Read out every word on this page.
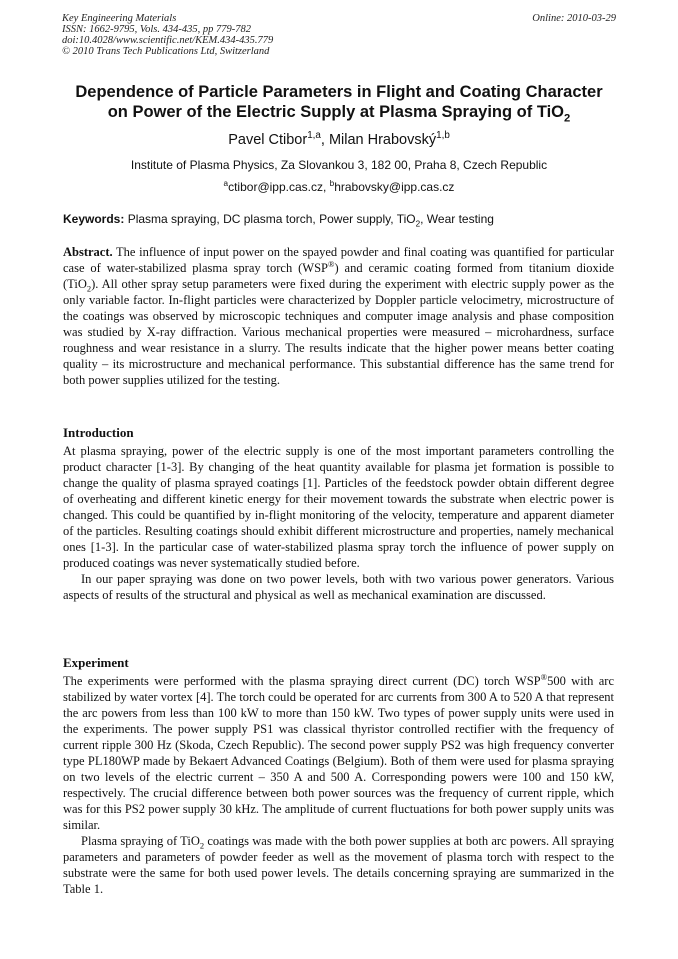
Key Engineering Materials
ISSN: 1662-9795, Vols. 434-435, pp 779-782
doi:10.4028/www.scientific.net/KEM.434-435.779
© 2010 Trans Tech Publications Ltd, Switzerland
Online: 2010-03-29
Dependence of Particle Parameters in Flight and Coating Character
on Power of the Electric Supply at Plasma Spraying of TiO$_2$
Pavel Ctibor$^{1,a}$, Milan Hrabovský$^{1,b}$
Institute of Plasma Physics, Za Slovankou 3, 182 00, Praha 8, Czech Republic
$^a$ctibor@ipp.cas.cz, $^b$hrabovsky@ipp.cas.cz
Keywords: Plasma spraying, DC plasma torch, Power supply, TiO$_2$, Wear testing

Abstract. The influence of input power on the spayed powder and final coating was quantified for particular case of water-stabilized plasma spray torch (WSP®) and ceramic coating formed from titanium dioxide (TiO$_2$). All other spray setup parameters were fixed during the experiment with electric supply power as the only variable factor. In-flight particles were characterized by Doppler particle velocimetry, microstructure of the coatings was observed by microscopic techniques and computer image analysis and phase composition was studied by X-ray diffraction. Various mechanical properties were measured – microhardness, surface roughness and wear resistance in a slurry. The results indicate that the higher power means better coating quality – its microstructure and mechanical performance. This substantial difference has the same trend for both power supplies utilized for the testing.

Introduction

At plasma spraying, power of the electric supply is one of the most important parameters controlling the product character [1-3]. By changing of the heat quantity available for plasma jet formation is possible to change the quality of plasma sprayed coatings [1]. Particles of the feedstock powder obtain different degree of overheating and different kinetic energy for their movement towards the substrate when electric power is changed. This could be quantified by in-flight monitoring of the velocity, temperature and apparent diameter of the particles. Resulting coatings should exhibit different microstructure and properties, namely mechanical ones [1-3]. In the particular case of water-stabilized plasma spray torch the influence of power supply on produced coatings was never systematically studied before.

In our paper spraying was done on two power levels, both with two various power generators. Various aspects of results of the structural and physical as well as mechanical examination are discussed.

Experiment

The experiments were performed with the plasma spraying direct current (DC) torch WSP®500 with arc stabilized by water vortex [4]. The torch could be operated for arc currents from 300 A to 520 A that represent the arc powers from less than 100 kW to more than 150 kW. Two types of power supply units were used in the experiments. The power supply PS1 was classical thyristor controlled rectifier with the frequency of current ripple 300 Hz (Skoda, Czech Republic). The second power supply PS2 was high frequency converter type PL180WP made by Bekaert Advanced Coatings (Belgium). Both of them were used for plasma spraying on two levels of the electric current – 350 A and 500 A. Corresponding powers were 100 and 150 kW, respectively. The crucial difference between both power sources was the frequency of current ripple, which was for this PS2 power supply 30 kHz. The amplitude of current fluctuations for both power supply units was similar.

Plasma spraying of TiO$_2$ coatings was made with the both power supplies at both arc powers. All spraying parameters and parameters of powder feeder as well as the movement of plasma torch with respect to the substrate were the same for both used power levels. The details concerning spraying are summarized in the Table 1.
